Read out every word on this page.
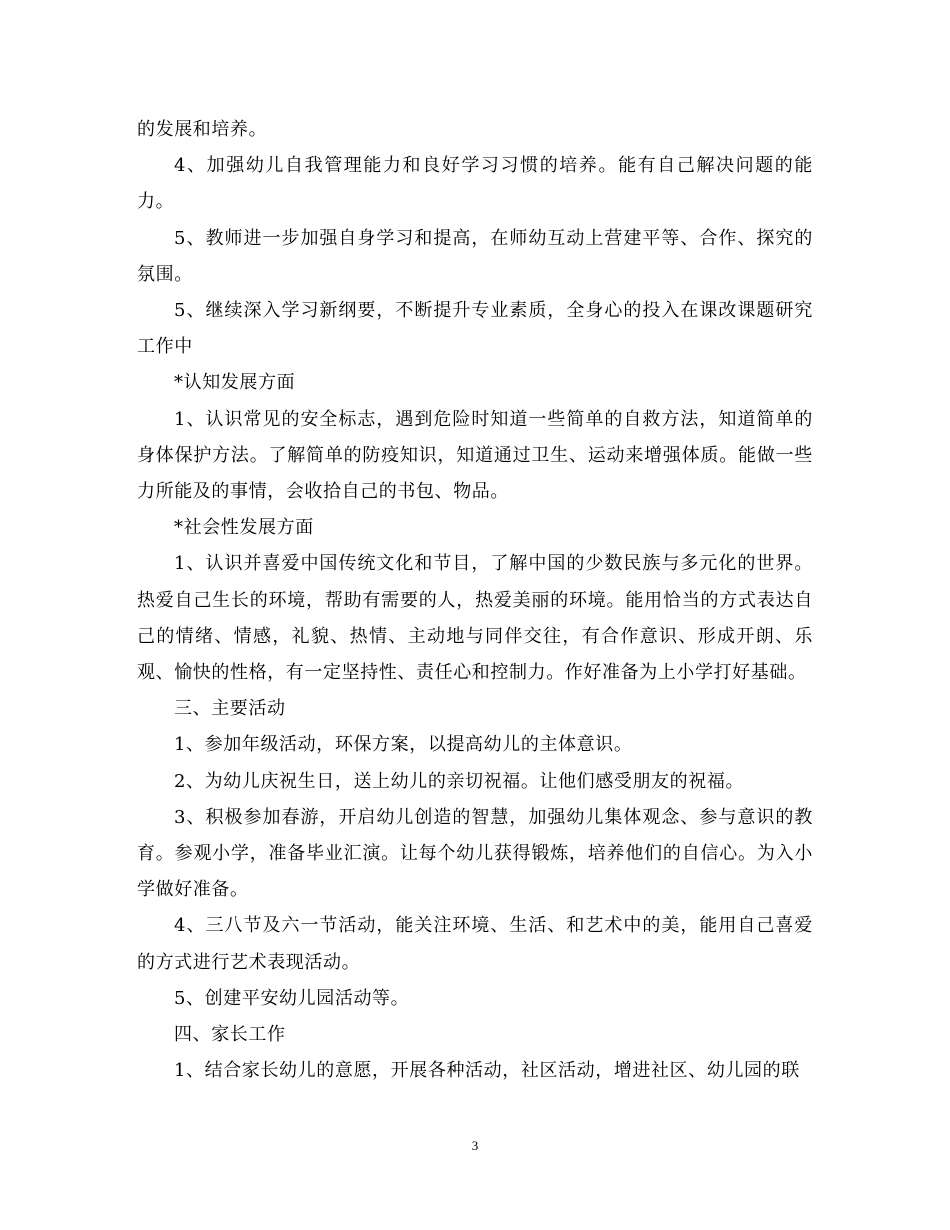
的发展和培养。

4、加强幼儿自我管理能力和良好学习习惯的培养。能有自己解决问题的能力。

5、教师进一步加强自身学习和提高，在师幼互动上营建平等、合作、探究的氛围。

5、继续深入学习新纲要，不断提升专业素质，全身心的投入在课改课题研究工作中

*认知发展方面

1、认识常见的安全标志，遇到危险时知道一些简单的自救方法，知道简单的身体保护方法。了解简单的防疫知识，知道通过卫生、运动来增强体质。能做一些力所能及的事情，会收拾自己的书包、物品。

*社会性发展方面

1、认识并喜爱中国传统文化和节目，了解中国的少数民族与多元化的世界。热爱自己生长的环境，帮助有需要的人，热爱美丽的环境。能用恰当的方式表达自己的情绪、情感，礼貌、热情、主动地与同伴交往，有合作意识、形成开朗、乐观、愉快的性格，有一定坚持性、责任心和控制力。作好准备为上小学打好基础。

三、主要活动

1、参加年级活动，环保方案，以提高幼儿的主体意识。

2、为幼儿庆祝生日，送上幼儿的亲切祝福。让他们感受朋友的祝福。

3、积极参加春游，开启幼儿创造的智慧，加强幼儿集体观念、参与意识的教育。参观小学，准备毕业汇演。让每个幼儿获得锻炼，培养他们的自信心。为入小学做好准备。

4、三八节及六一节活动，能关注环境、生活、和艺术中的美，能用自己喜爱的方式进行艺术表现活动。

5、创建平安幼儿园活动等。

四、家长工作

1、结合家长幼儿的意愿，开展各种活动，社区活动，增进社区、幼儿园的联

3
